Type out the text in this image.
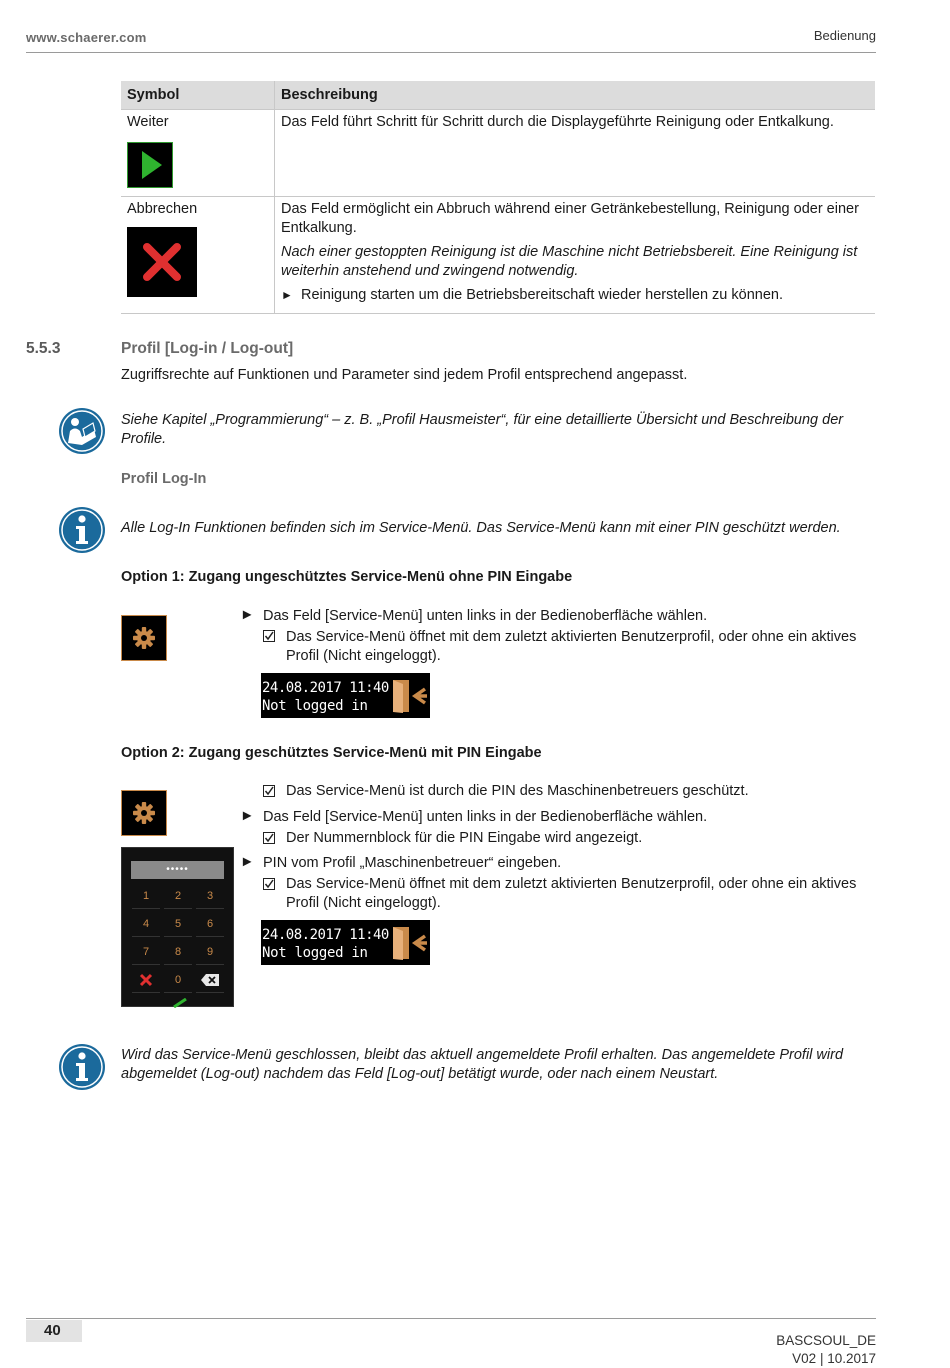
www.schaerer.com	Bedienung
Symbol	Beschreibung

Weiter	Das Feld führt Schritt für Schritt durch die Displaygeführte Reinigung oder Entkalkung.

Abbrechen	Das Feld ermöglicht ein Abbruch während einer Getränkebestellung, Reinigung oder einer Entkalkung.
Nach einer gestoppten Reinigung ist die Maschine nicht Betriebsbereit. Eine Reinigung ist weiterhin anstehend und zwingend notwendig.
► Reinigung starten um die Betriebsbereitschaft wieder herstellen zu können.
5.5.3	Profil [Log-in / Log-out]
Zugriffsrechte auf Funktionen und Parameter sind jedem Profil entsprechend angepasst.
Siehe Kapitel „Programmierung“ – z. B. „Profil Hausmeister“, für eine detaillierte Übersicht und Beschreibung der Profile.
Profil Log-In
Alle Log-In Funktionen befinden sich im Service-Menü. Das Service-Menü kann mit einer PIN geschützt werden.
Option 1: Zugang ungeschütztes Service-Menü ohne PIN Eingabe
► Das Feld [Service-Menü] unten links in der Bedienoberfläche wählen.
Das Service-Menü öffnet mit dem zuletzt aktivierten Benutzerprofil, oder ohne ein aktives Profil (Nicht eingeloggt).
24.08.2017 11:40
Not logged in
Option 2: Zugang geschütztes Service-Menü mit PIN Eingabe
•••••
1	2	3
4	5	6
7	8	9
0
Das Service-Menü ist durch die PIN des Maschinenbetreuers geschützt.
► Das Feld [Service-Menü] unten links in der Bedienoberfläche wählen.
Der Nummernblock für die PIN Eingabe wird angezeigt.
► PIN vom Profil „Maschinenbetreuer“ eingeben.
Das Service-Menü öffnet mit dem zuletzt aktivierten Benutzerprofil, oder ohne ein aktives Profil (Nicht eingeloggt).
24.08.2017 11:40
Not logged in
Wird das Service-Menü geschlossen, bleibt das aktuell angemeldete Profil erhalten. Das angemeldete Profil wird abgemeldet (Log-out) nachdem das Feld [Log-out] betätigt wurde, oder nach einem Neustart.
40
BASCSOUL_DE
V02 | 10.2017
